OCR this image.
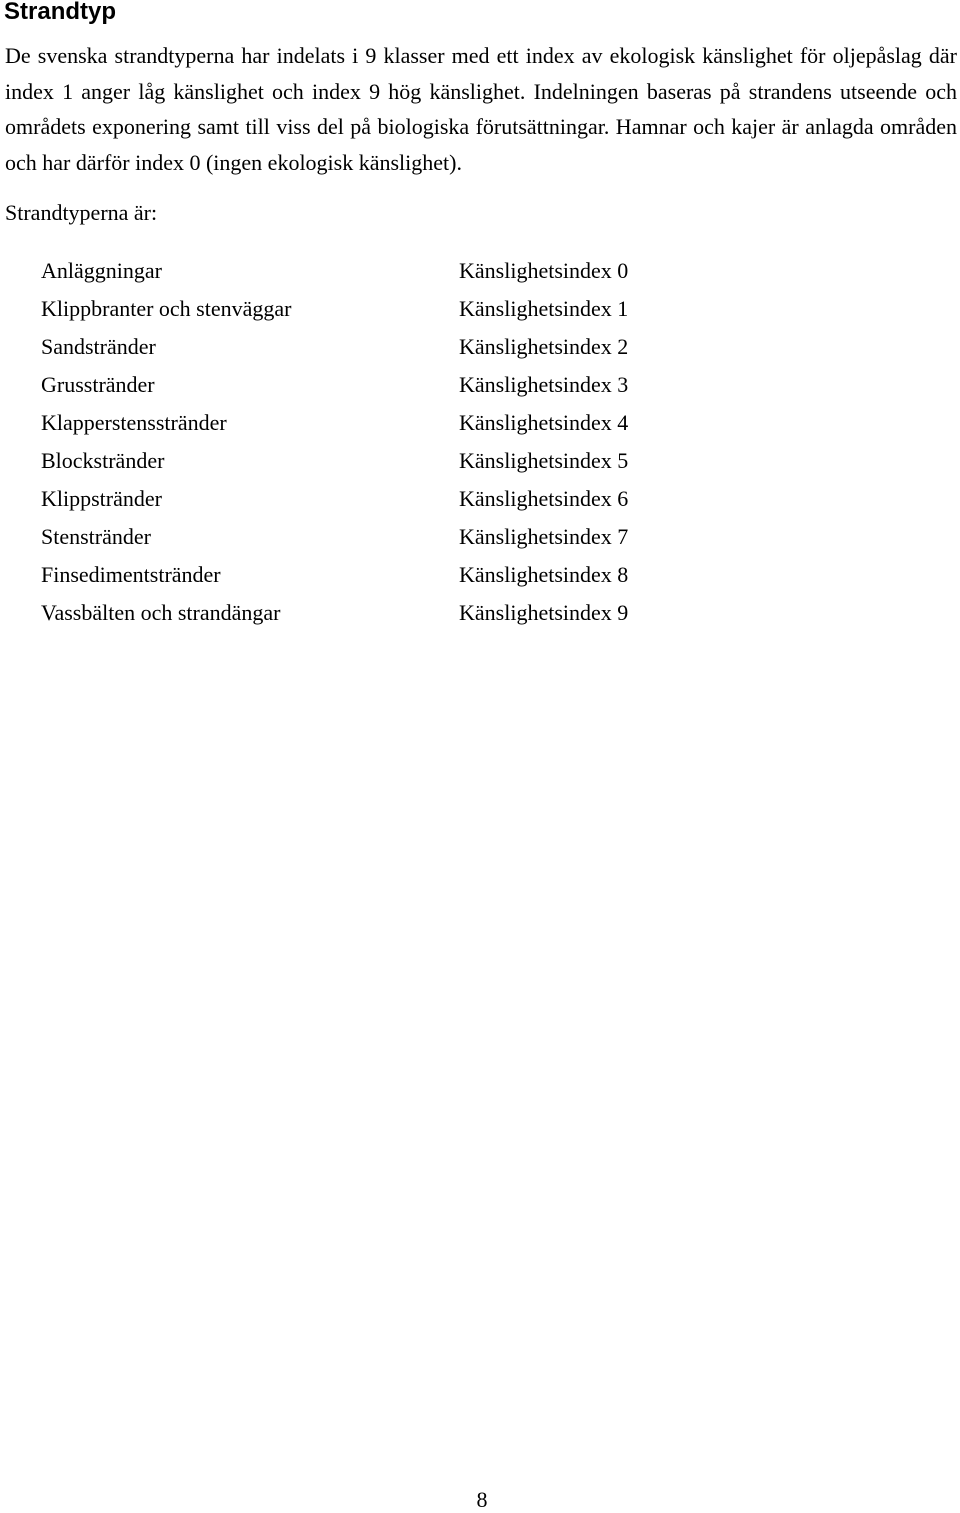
Strandtyp

De svenska strandtyperna har indelats i 9 klasser med ett index av ekologisk känslighet för oljepåslag där index 1 anger låg känslighet och index 9 hög känslighet. Indelningen baseras på strandens utseende och områdets exponering samt till viss del på biologiska förutsättningar. Hamnar och kajer är anlagda områden och har därför index 0 (ingen ekologisk känslighet).

Strandtyperna är:

Anläggningar	Känslighetsindex 0
Klippbranter och stenväggar	Känslighetsindex 1
Sandstränder	Känslighetsindex 2
Grusstränder	Känslighetsindex 3
Klapperstensstränder	Känslighetsindex 4
Blockstränder	Känslighetsindex 5
Klippstränder	Känslighetsindex 6
Stenstränder	Känslighetsindex 7
Finsedimentstränder	Känslighetsindex 8
Vassbälten och strandängar	Känslighetsindex 9
8
